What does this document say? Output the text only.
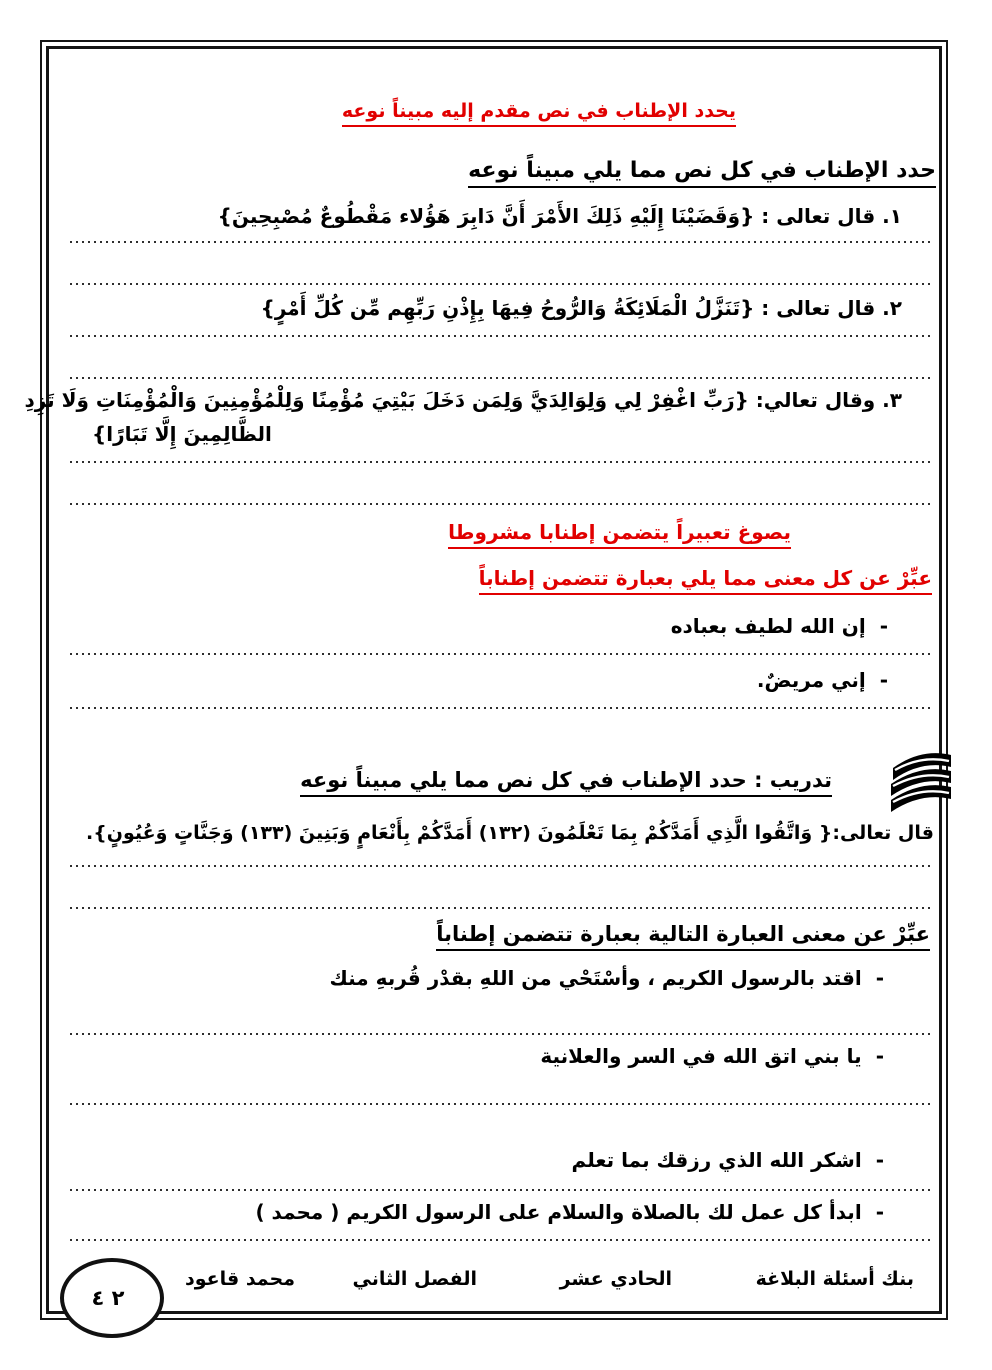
يحدد الإطناب في نص مقدم إليه مبيناً نوعه
حدد الإطناب في كل نص مما يلي مبيناً نوعه
١. قال تعالى : {وَقَضَيْنَا إِلَيْهِ ذَلِكَ الأَمْرَ أَنَّ دَابِرَ هَؤُلاء مَقْطُوعٌ مُصْبِحِينَ}
٢. قال تعالى : {تَنَزَّلُ الْمَلَائِكَةُ وَالرُّوحُ فِيهَا بِإِذْنِ رَبِّهِم مِّن كُلِّ أَمْرٍ}
٣. وقال تعالي: {رَبِّ اغْفِرْ لِي وَلِوَالِدَيَّ وَلِمَن دَخَلَ بَيْتِيَ مُؤْمِنًا وَلِلْمُؤْمِنِينَ وَالْمُؤْمِنَاتِ وَلَا تَزِدِ
الظَّالِمِينَ إِلَّا تَبَارًا}
يصوغ تعبيراً يتضمن إطنابا مشروطا
عبِّرْ عن كل معنى مما يلي بعبارة تتضمن إطناباً
-
إن الله لطيف بعباده
-
إني مريضٌ.
تدريب : حدد الإطناب في كل نص مما يلي مبيناً نوعه
قال تعالى:{ وَاتَّقُوا الَّذِي أَمَدَّكُمْ بِمَا تَعْلَمُونَ (١٣٢) أَمَدَّكُمْ بِأَنْعَامٍ وَبَنِينَ (١٣٣) وَجَنَّاتٍ وَعُيُونٍ}.
عبِّرْ عن معنى العبارة التالية بعبارة تتضمن إطناباً
-
اقتد بالرسول الكريم ، وأسْتَحْي من اللهِ بقدْر قُربهِ منك
-
يا بني اتق الله في السر والعلانية
-
اشكر الله الذي رزقك بما تعلم
-
ابدأ كل عمل لك بالصلاة والسلام على الرسول الكريم ( محمد )
بنك أسئلة البلاغة
الحادي عشر
الفصل الثاني
محمد قاعود
٢ ٤
